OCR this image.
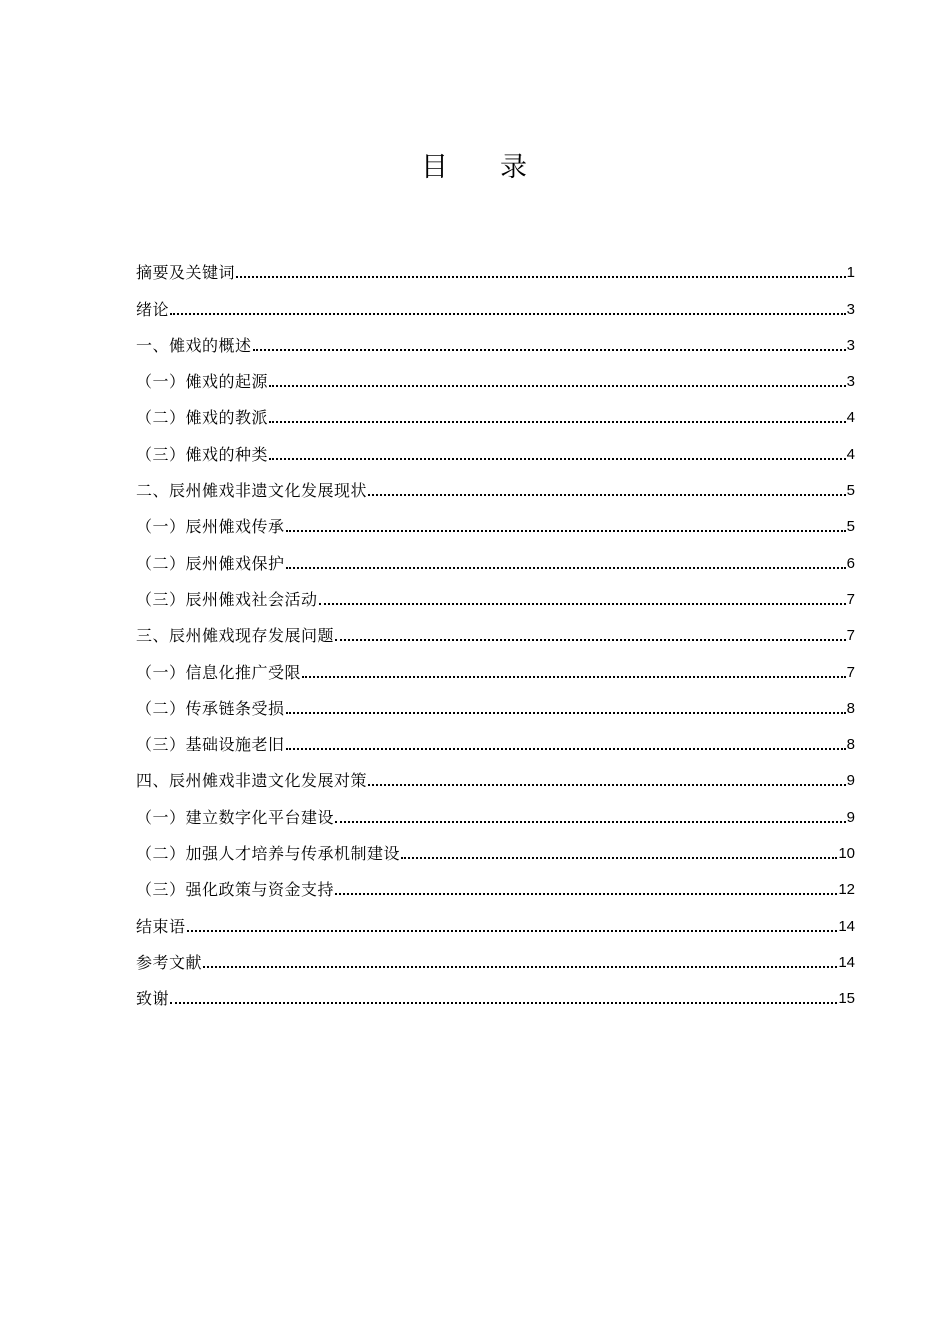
目 录
摘要及关键词	1
绪论	3
一、傩戏的概述	3
（一）傩戏的起源	3
（二）傩戏的教派	4
（三）傩戏的种类	4
二、辰州傩戏非遗文化发展现状	5
（一）辰州傩戏传承	5
（二）辰州傩戏保护	6
（三）辰州傩戏社会活动	7
三、辰州傩戏现存发展问题	7
（一）信息化推广受限	7
（二）传承链条受损	8
（三）基础设施老旧	8
四、辰州傩戏非遗文化发展对策	9
（一）建立数字化平台建设	9
（二）加强人才培养与传承机制建设	10
（三）强化政策与资金支持	12
结束语	14
参考文献	14
致谢	15
